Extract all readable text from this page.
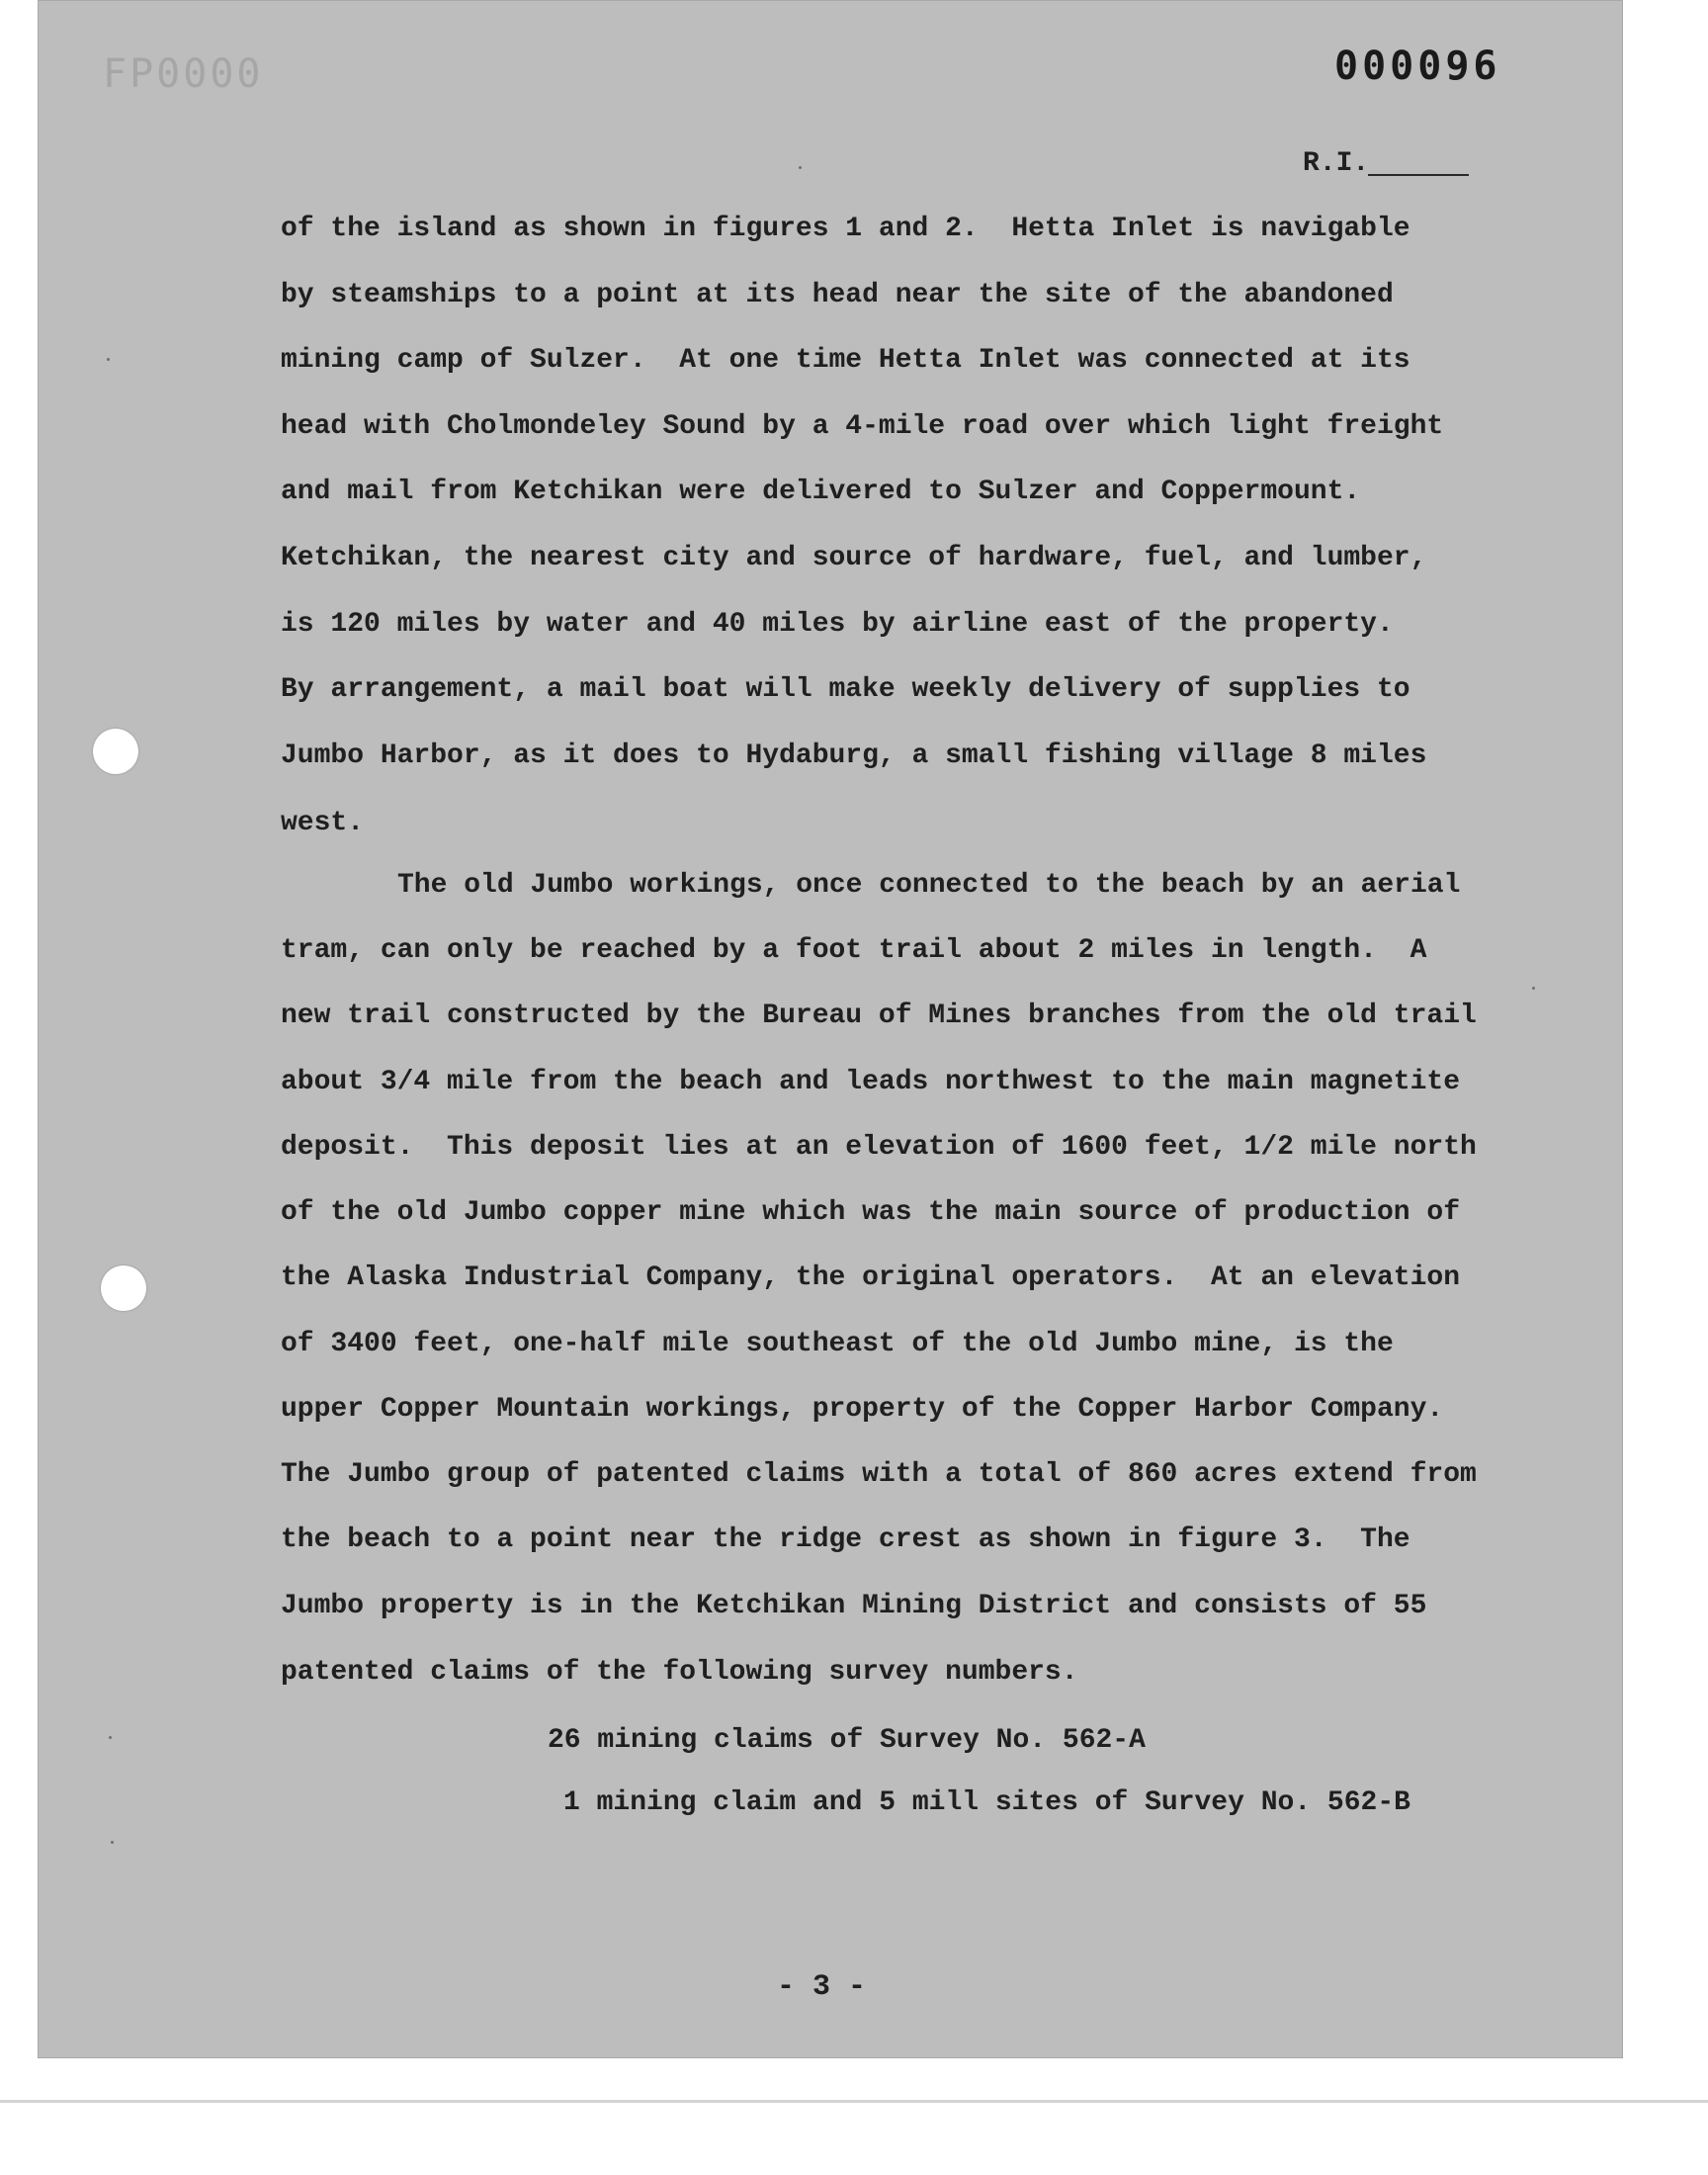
FP0000	000096
R.I.
of the island as shown in figures 1 and 2.  Hetta Inlet is navigable
by steamships to a point at its head near the site of the abandoned
mining camp of Sulzer.  At one time Hetta Inlet was connected at its
head with Cholmondeley Sound by a 4-mile road over which light freight
and mail from Ketchikan were delivered to Sulzer and Coppermount.
Ketchikan, the nearest city and source of hardware, fuel, and lumber,
is 120 miles by water and 40 miles by airline east of the property.
By arrangement, a mail boat will make weekly delivery of supplies to
Jumbo Harbor, as it does to Hydaburg, a small fishing village 8 miles
west.
The old Jumbo workings, once connected to the beach by an aerial
tram, can only be reached by a foot trail about 2 miles in length.  A
new trail constructed by the Bureau of Mines branches from the old trail
about 3/4 mile from the beach and leads northwest to the main magnetite
deposit.  This deposit lies at an elevation of 1600 feet, 1/2 mile north
of the old Jumbo copper mine which was the main source of production of
the Alaska Industrial Company, the original operators.  At an elevation
of 3400 feet, one-half mile southeast of the old Jumbo mine, is the
upper Copper Mountain workings, property of the Copper Harbor Company.
The Jumbo group of patented claims with a total of 860 acres extend from
the beach to a point near the ridge crest as shown in figure 3.  The
Jumbo property is in the Ketchikan Mining District and consists of 55
patented claims of the following survey numbers.
26 mining claims of Survey No. 562-A
1 mining claim and 5 mill sites of Survey No. 562-B
- 3 -
